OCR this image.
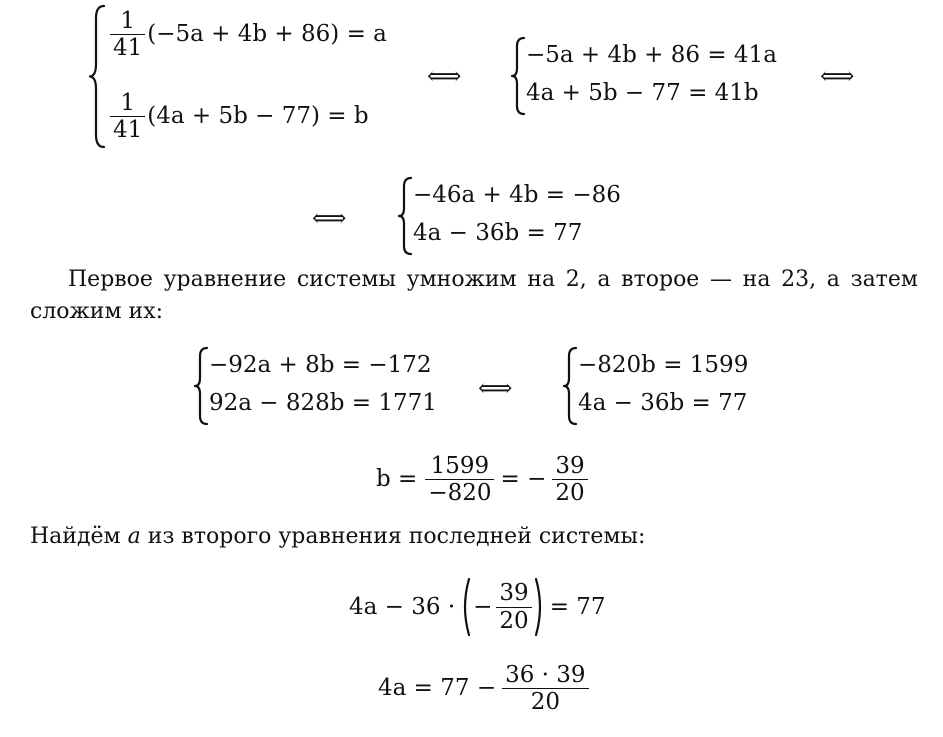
$\frac{1}{41} (-5a + 4b + 86) = a$
$\frac{1}{41} (4a + 5b - 77) = b$
⟺
−5a + 4b + 86 = 41a
4a + 5b − 77 = 41b
⟺
⟺
−46a + 4b = −86
4a − 36b = 77
Первое уравнение системы умножим на 2, а второе — на 23, а затем
сложим их:
−92a + 8b = −172
92a − 828b = 1771
⟺
−820b = 1599
4a − 36b = 77
$b = \frac{1599}{-820}$ = − $\frac{39}{20}$
Найдём a из второго уравнения последней системы:
4a − 36 · − $\frac{39}{20} = 77$
$4a = 77 - \frac{36 \cdot 39}{20}$
